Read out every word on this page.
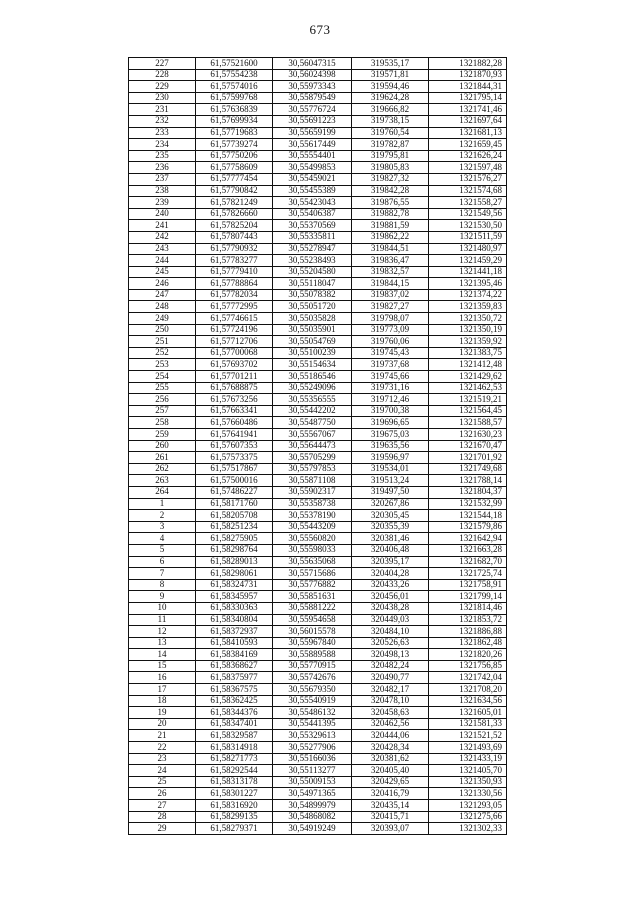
673
227	61,57521600	30,56047315	319535,17	1321882,28
228	61,57554238	30,56024398	319571,81	1321870,93
229	61,57574016	30,55973343	319594,46	1321844,31
230	61,57599768	30,55879549	319624,28	1321795,14
231	61,57636839	30,55776724	319666,82	1321741,46
232	61,57699934	30,55691223	319738,15	1321697,64
233	61,57719683	30,55659199	319760,54	1321681,13
234	61,57739274	30,55617449	319782,87	1321659,45
235	61,57750206	30,55554401	319795,81	1321626,24
236	61,57758609	30,55499853	319805,83	1321597,48
237	61,57777454	30,55459021	319827,32	1321576,27
238	61,57790842	30,55455389	319842,28	1321574,68
239	61,57821249	30,55423043	319876,55	1321558,27
240	61,57826660	30,55406387	319882,78	1321549,56
241	61,57825204	30,55370569	319881,59	1321530,50
242	61,57807443	30,55335811	319862,22	1321511,59
243	61,57790932	30,55278947	319844,51	1321480,97
244	61,57783277	30,55238493	319836,47	1321459,29
245	61,57779410	30,55204580	319832,57	1321441,18
246	61,57788864	30,55118047	319844,15	1321395,46
247	61,57782034	30,55078382	319837,02	1321374,22
248	61,57772995	30,55051720	319827,27	1321359,83
249	61,57746615	30,55035828	319798,07	1321350,72
250	61,57724196	30,55035901	319773,09	1321350,19
251	61,57712706	30,55054769	319760,06	1321359,92
252	61,57700068	30,55100239	319745,43	1321383,75
253	61,57693702	30,55154634	319737,68	1321412,48
254	61,57701211	30,55186546	319745,66	1321429,62
255	61,57688875	30,55249096	319731,16	1321462,53
256	61,57673256	30,55356555	319712,46	1321519,21
257	61,57663341	30,55442202	319700,38	1321564,45
258	61,57660486	30,55487750	319696,65	1321588,57
259	61,57641941	30,55567067	319675,03	1321630,23
260	61,57607353	30,55644473	319635,56	1321670,47
261	61,57573375	30,55705299	319596,97	1321701,92
262	61,57517867	30,55797853	319534,01	1321749,68
263	61,57500016	30,55871108	319513,24	1321788,14
264	61,57486227	30,55902317	319497,50	1321804,37
1	61,58171760	30,55358738	320267,86	1321532,99
2	61,58205708	30,55378190	320305,45	1321544,18
3	61,58251234	30,55443209	320355,39	1321579,86
4	61,58275905	30,55560820	320381,46	1321642,94
5	61,58298764	30,55598033	320406,48	1321663,28
6	61,58289013	30,55635068	320395,17	1321682,70
7	61,58298061	30,55715686	320404,28	1321725,74
8	61,58324731	30,55776882	320433,26	1321758,91
9	61,58345957	30,55851631	320456,01	1321799,14
10	61,58330363	30,55881222	320438,28	1321814,46
11	61,58340804	30,55954658	320449,03	1321853,72
12	61,58372937	30,56015578	320484,10	1321886,88
13	61,58410593	30,55967840	320526,63	1321862,48
14	61,58384169	30,55889588	320498,13	1321820,26
15	61,58368627	30,55770915	320482,24	1321756,85
16	61,58375977	30,55742676	320490,77	1321742,04
17	61,58367575	30,55679350	320482,17	1321708,20
18	61,58362425	30,55540919	320478,10	1321634,56
19	61,58344376	30,55486132	320458,63	1321605,01
20	61,58347401	30,55441395	320462,56	1321581,33
21	61,58329587	30,55329613	320444,06	1321521,52
22	61,58314918	30,55277906	320428,34	1321493,69
23	61,58271773	30,55166036	320381,62	1321433,19
24	61,58292544	30,55113277	320405,40	1321405,70
25	61,58313178	30,55009153	320429,65	1321350,93
26	61,58301227	30,54971365	320416,79	1321330,56
27	61,58316920	30,54899979	320435,14	1321293,05
28	61,58299135	30,54868082	320415,71	1321275,66
29	61,58279371	30,54919249	320393,07	1321302,33
